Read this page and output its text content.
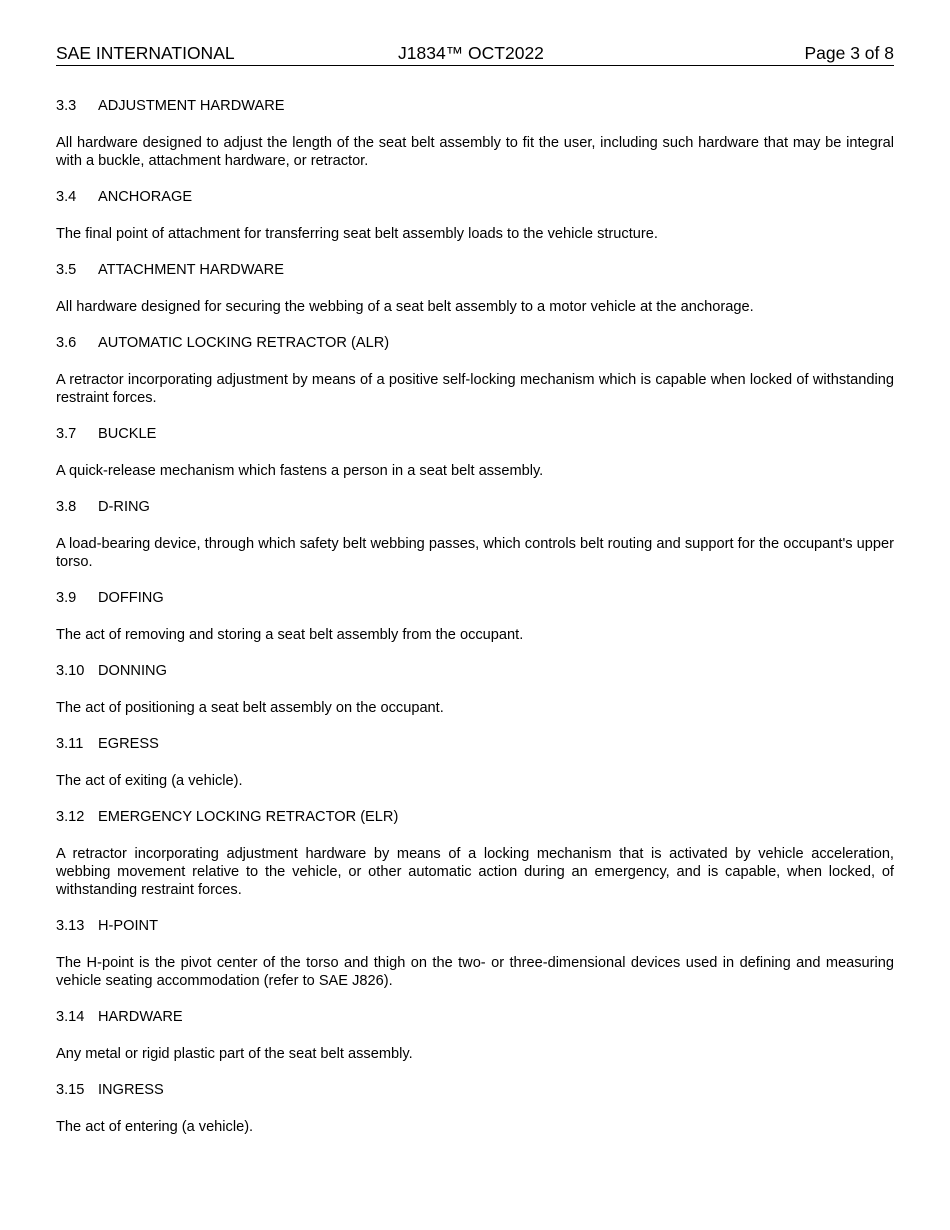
SAE INTERNATIONAL	J1834™ OCT2022	Page 3 of 8
3.3	ADJUSTMENT HARDWARE

All hardware designed to adjust the length of the seat belt assembly to fit the user, including such hardware that may be integral with a buckle, attachment hardware, or retractor.

3.4	ANCHORAGE

The final point of attachment for transferring seat belt assembly loads to the vehicle structure.

3.5	ATTACHMENT HARDWARE

All hardware designed for securing the webbing of a seat belt assembly to a motor vehicle at the anchorage.

3.6	AUTOMATIC LOCKING RETRACTOR (ALR)

A retractor incorporating adjustment by means of a positive self-locking mechanism which is capable when locked of withstanding restraint forces.

3.7	BUCKLE

A quick-release mechanism which fastens a person in a seat belt assembly.

3.8	D-RING

A load-bearing device, through which safety belt webbing passes, which controls belt routing and support for the occupant's upper torso.

3.9	DOFFING

The act of removing and storing a seat belt assembly from the occupant.

3.10 DONNING

The act of positioning a seat belt assembly on the occupant.

3.11	EGRESS

The act of exiting (a vehicle).

3.12 EMERGENCY LOCKING RETRACTOR (ELR)

A retractor incorporating adjustment hardware by means of a locking mechanism that is activated by vehicle acceleration, webbing movement relative to the vehicle, or other automatic action during an emergency, and is capable, when locked, of withstanding restraint forces.

3.13 H-POINT

The H-point is the pivot center of the torso and thigh on the two- or three-dimensional devices used in defining and measuring vehicle seating accommodation (refer to SAE J826).

3.14 HARDWARE

Any metal or rigid plastic part of the seat belt assembly.

3.15 INGRESS

The act of entering (a vehicle).
